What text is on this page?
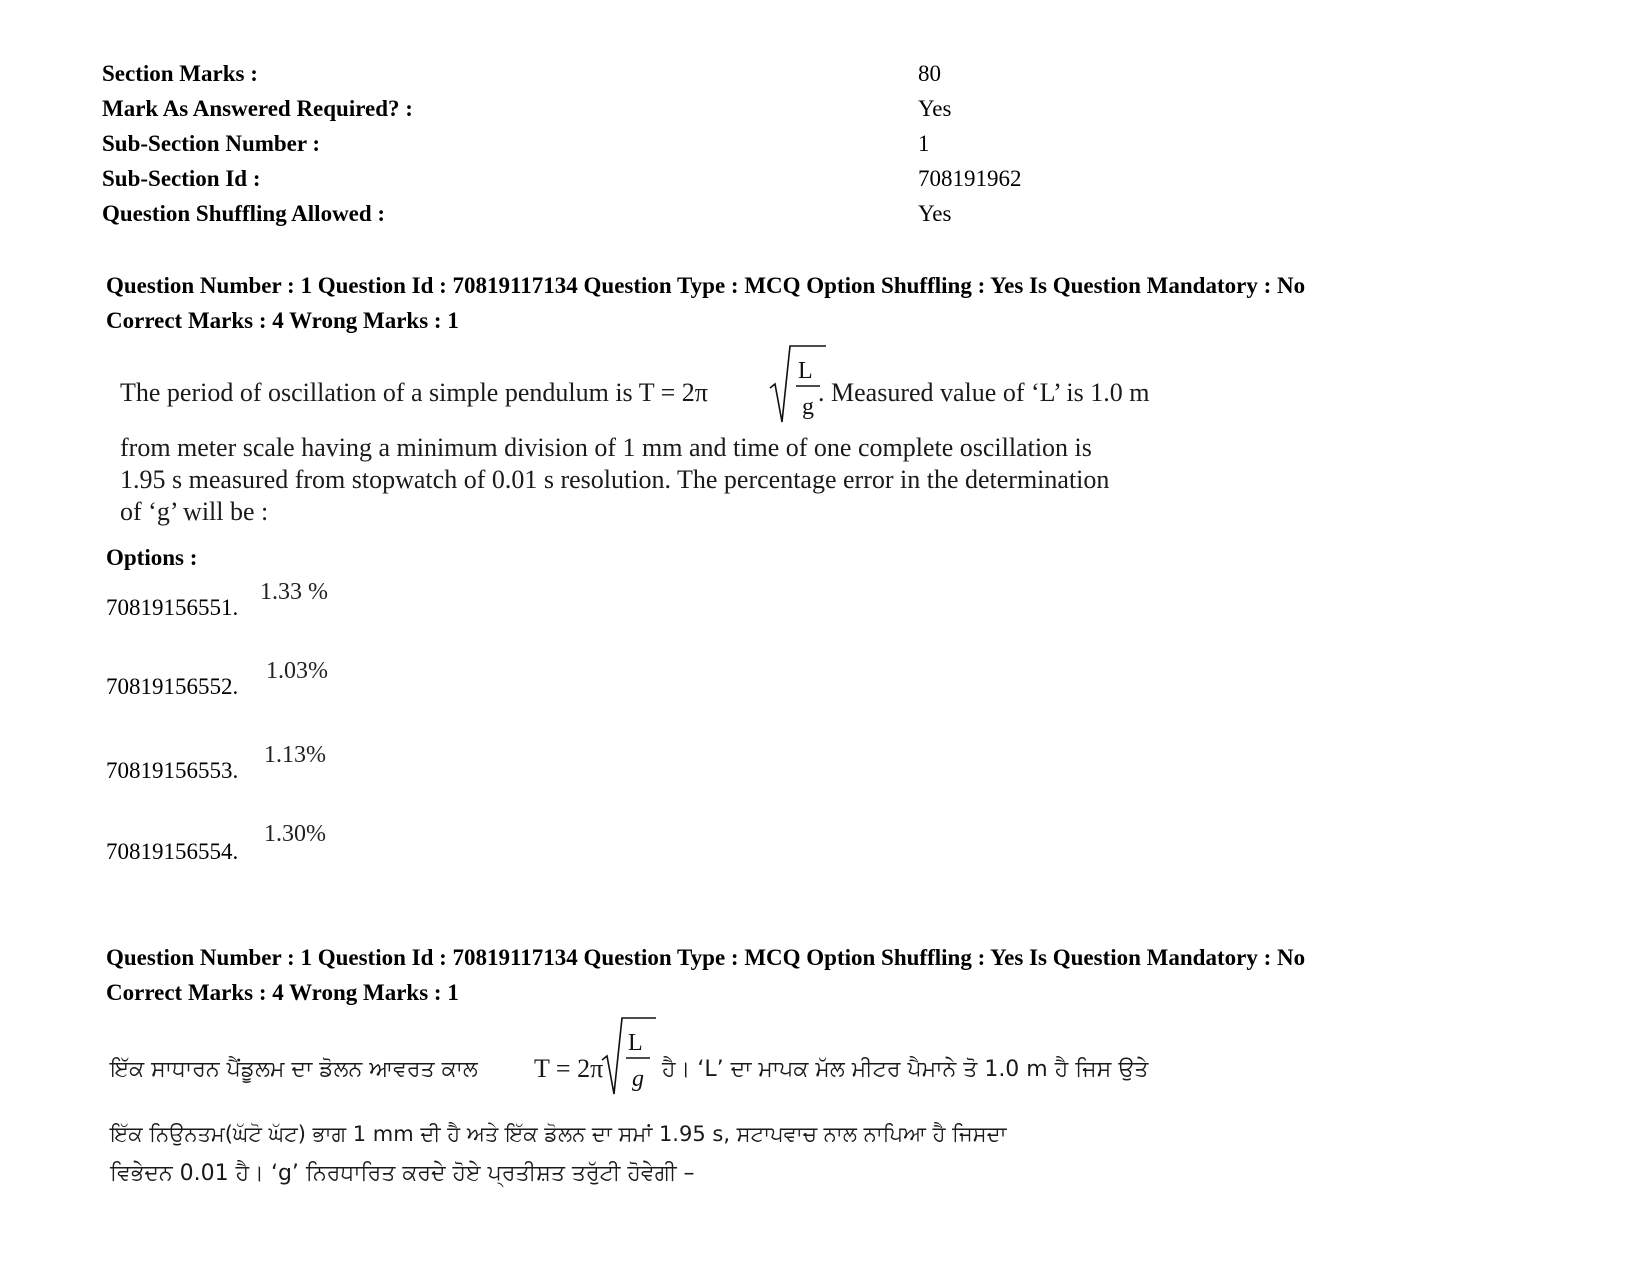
Section Marks :	80
Mark As Answered Required? :	Yes
Sub-Section Number :	1
Sub-Section Id :	708191962
Question Shuffling Allowed :	Yes
Question Number : 1 Question Id : 70819117134 Question Type : MCQ Option Shuffling : Yes Is Question Mandatory : No
Correct Marks : 4 Wrong Marks : 1
The period of oscillation of a simple pendulum is T = 2π
L
g . Measured value of ‘L’ is 1.0 m
from meter scale having a minimum division of 1 mm and time of one complete oscillation is
1.95 s measured from stopwatch of 0.01 s resolution. The percentage error in the determination
of ‘g’ will be :
Options :
70819156551.
1.33 %
70819156552.
1.03%
70819156553.
1.13%
70819156554.
1.30%
Question Number : 1 Question Id : 70819117134 Question Type : MCQ Option Shuffling : Yes Is Question Mandatory : No
Correct Marks : 4 Wrong Marks : 1
ਇੱਕ ਸਾਧਾਰਨ ਪੈਂਡੂਲਮ ਦਾ ਡੋਲਨ ਆਵਰਤ ਕਾਲ T = 2π
L
g ਹੈ। ‘L’ ਦਾ ਮਾਪਕ ਮੱਲ ਮੀਟਰ ਪੈਮਾਨੇ ਤੋ 1.0 m ਹੈ ਜਿਸ ਉਤੇ
ਇੱਕ ਨਿਉਨਤਮ(ਘੱਟੋ ਘੱਟ) ਭਾਗ 1 mm ਦੀ ਹੈ ਅਤੇ ਇੱਕ ਡੋਲਨ ਦਾ ਸਮਾਂ 1.95 s, ਸਟਾਪਵਾਚ ਨਾਲ ਨਾਪਿਆ ਹੈ ਜਿਸਦਾ
ਵਿਭੇਦਨ 0.01 ਹੈ। ‘g’ ਨਿਰਧਾਰਿਤ ਕਰਦੇ ਹੋਏ ਪ੍ਰਤੀਸ਼ਤ ਤਰੁੱਟੀ ਹੋਵੇਗੀ –
